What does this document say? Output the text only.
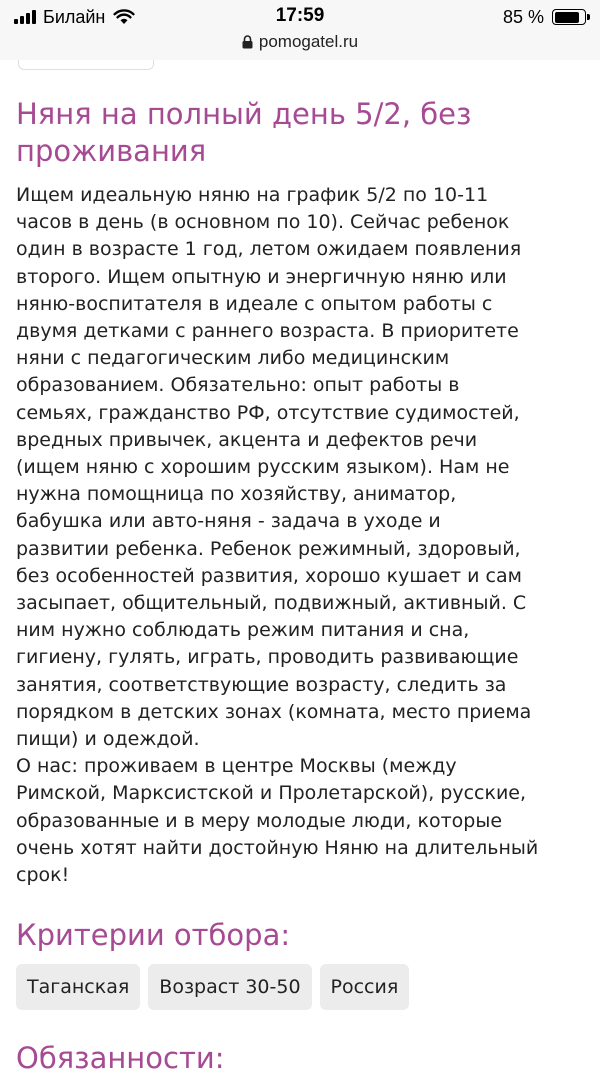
Билайн	17:59	85 %
pomogatel.ru
Няня на полный день 5/2, без проживания

Ищем идеальную няню на график 5/2 по 10-11
часов в день (в основном по 10). Сейчас ребенок
один в возрасте 1 год, летом ожидаем появления
второго. Ищем опытную и энергичную няню или
няню-воспитателя в идеале с опытом работы с
двумя детками с раннего возраста. В приоритете
няни с педагогическим либо медицинским
образованием. Обязательно: опыт работы в
семьях, гражданство РФ, отсутствие судимостей,
вредных привычек, акцента и дефектов речи
(ищем няню с хорошим русским языком). Нам не
нужна помощница по хозяйству, аниматор,
бабушка или авто-няня - задача в уходе и
развитии ребенка. Ребенок режимный, здоровый,
без особенностей развития, хорошо кушает и сам
засыпает, общительный, подвижный, активный. С
ним нужно соблюдать режим питания и сна,
гигиену, гулять, играть, проводить развивающие
занятия, соответствующие возрасту, следить за
порядком в детских зонах (комната, место приема
пищи) и одеждой.
О нас: проживаем в центре Москвы (между
Римской, Марксистской и Пролетарской), русские,
образованные и в меру молодые люди, которые
очень хотят найти достойную Няню на длительный
срок!

Критерии отбора:
Таганская	Возраст 30-50	Россия
Обязанности:
